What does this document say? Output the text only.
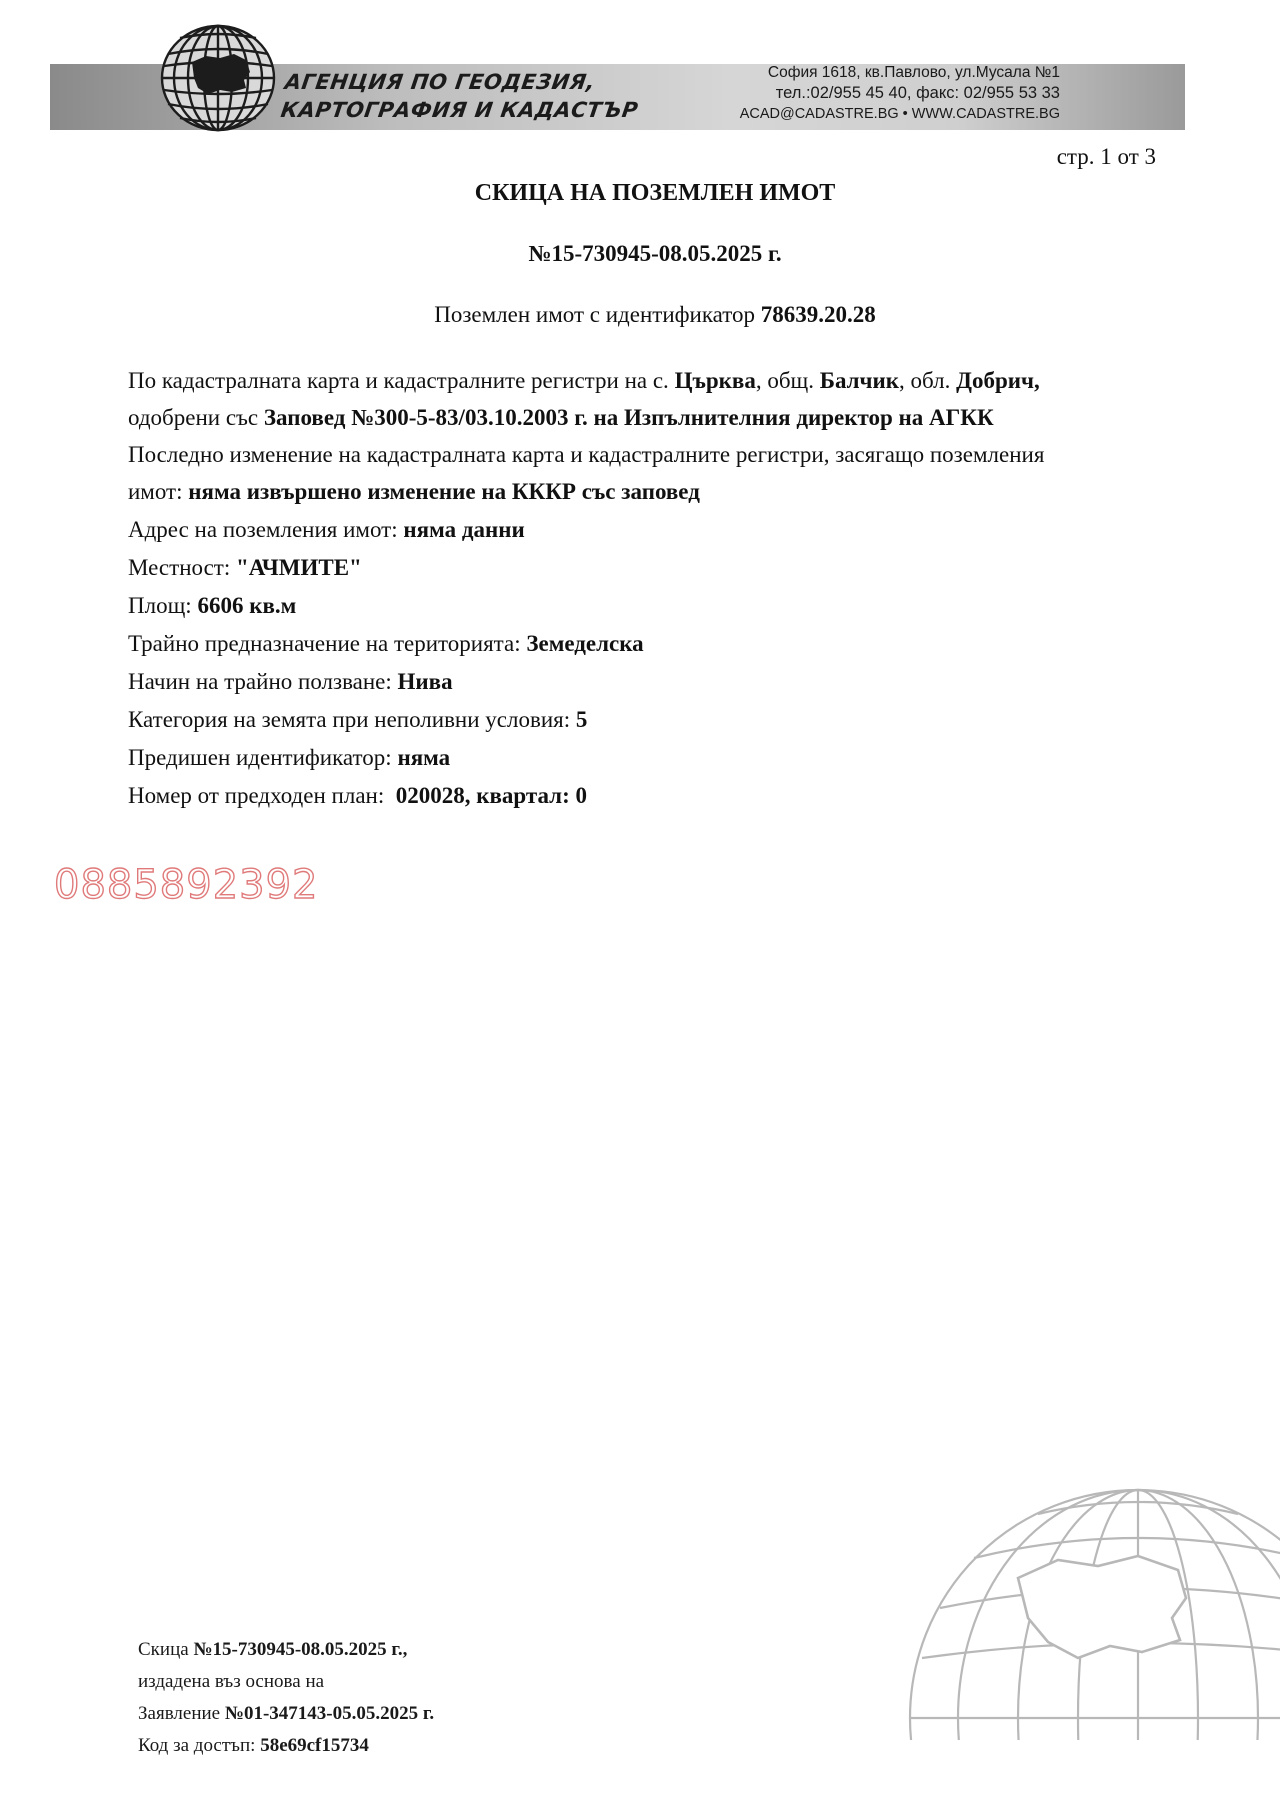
АГЕНЦИЯ ПО ГЕОДЕЗИЯ,
КАРТОГРАФИЯ И КАДАСТЪР
София 1618, кв.Павлово, ул.Мусала №1
тел.:02/955 45 40, факс: 02/955 53 33
ACAD@CADASTRE.BG • WWW.CADASTRE.BG
стр. 1 от 3
СКИЦА НА ПОЗЕМЛЕН ИМОТ
№15-730945-08.05.2025 г.
Поземлен имот с идентификатор 78639.20.28

По кадастралната карта и кадастралните регистри на с. Църква, общ. Балчик, обл. Добрич,

одобрени със Заповед №300-5-83/03.10.2003 г. на Изпълнителния директор на АГКК

Последно изменение на кадастралната карта и кадастралните регистри, засягащо поземления

имот: няма извършено изменение на КККР със заповед

Адрес на поземления имот: няма данни

Местност: "АЧМИТЕ"

Площ: 6606 кв.м

Трайно предназначение на територията: Земеделска

Начин на трайно ползване: Нива

Категория на земята при неполивни условия: 5

Предишен идентификатор: няма

Номер от предходен план:  020028, квартал: 0

0885892392
Скица №15-730945-08.05.2025 г.,
издадена въз основа на
Заявление №01-347143-05.05.2025 г.
Код за достъп: 58e69cf15734
